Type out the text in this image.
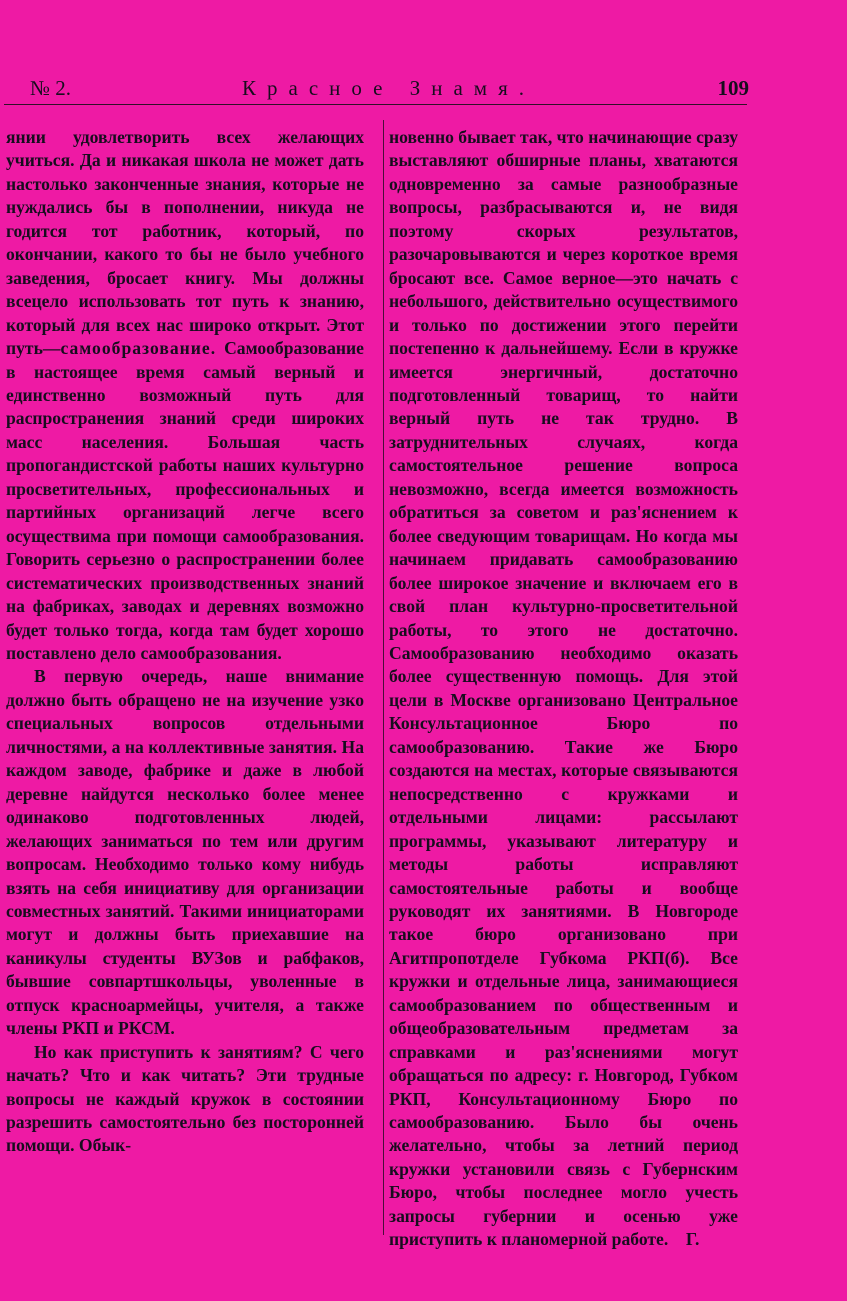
№ 2.	Красное Знамя.	109

янии удовлетворить всех желающих учиться. Да и никакая школа не может дать настолько законченные знания, которые не нуждались бы в пополнении, никуда не годится тот работник, который, по окончании, какого то бы не было учебного заведения, бросает книгу. Мы должны всецело использовать тот путь к знанию, который для всех нас широко открыт. Этот путь—самообразование. Самообразование в настоящее время самый верный и единственно возможный путь для распространения знаний среди широких масс населения. Большая часть пропогандистской работы наших культурно просветительных, профессиональных и партийных организаций легче всего осуществима при помощи самообразования. Говорить серьезно о распространении более систематических производственных знаний на фабриках, заводах и деревнях возможно будет только тогда, когда там будет хорошо поставлено дело самообразования.

В первую очередь, наше внимание должно быть обращено не на изучение узко специальных вопросов отдельными личностями, а на коллективные занятия. На каждом заводе, фабрике и даже в любой деревне найдутся несколько более менее одинаково подготовленных людей, желающих заниматься по тем или другим вопросам. Необходимо только кому нибудь взять на себя инициативу для организации совместных занятий. Такими инициаторами могут и должны быть приехавшие на каникулы студенты ВУЗов и рабфаков, бывшие совпартшкольцы, уволенные в отпуск красноармейцы, учителя, а также члены РКП и РКСМ.

Но как приступить к занятиям? С чего начать? Что и как читать? Эти трудные вопросы не каждый кружок в состоянии разрешить самостоятельно без посторонней помощи. Обык-

новенно бывает так, что начинающие сразу выставляют обширные планы, хватаются одновременно за самые разнообразные вопросы, разбрасываются и, не видя поэтому скорых результатов, разочаровываются и через короткое время бросают все. Самое верное—это начать с небольшого, действительно осуществимого и только по достижении этого перейти постепенно к дальнейшему. Если в кружке имеется энергичный, достаточно подготовленный товарищ, то найти верный путь не так трудно. В затруднительных случаях, когда самостоятельное решение вопроса невозможно, всегда имеется возможность обратиться за советом и раз'яснением к более сведующим товарищам. Но когда мы начинаем придавать самообразованию более широкое значение и включаем его в свой план культурно-просветительной работы, то этого не достаточно. Самообразованию необходимо оказать более существенную помощь. Для этой цели в Москве организовано Центральное Консультационное Бюро по самообразованию. Такие же Бюро создаются на местах, которые связываются непосредственно с кружками и отдельными лицами: рассылают программы, указывают литературу и методы работы исправляют самостоятельные работы и вообще руководят их занятиями. В Новгороде такое бюро организовано при Агитпропотделе Губкома РКП(б). Все кружки и отдельные лица, занимающиеся самообразованием по общественным и общеобразовательным предметам за справками и раз'яснениями могут обращаться по адресу: г. Новгород, Губком РКП, Консультационному Бюро по самообразованию. Было бы очень желательно, чтобы за летний период кружки установили связь с Губернским Бюро, чтобы последнее могло учесть запросы губернии и осенью уже приступить к планомерной работе. Г.
